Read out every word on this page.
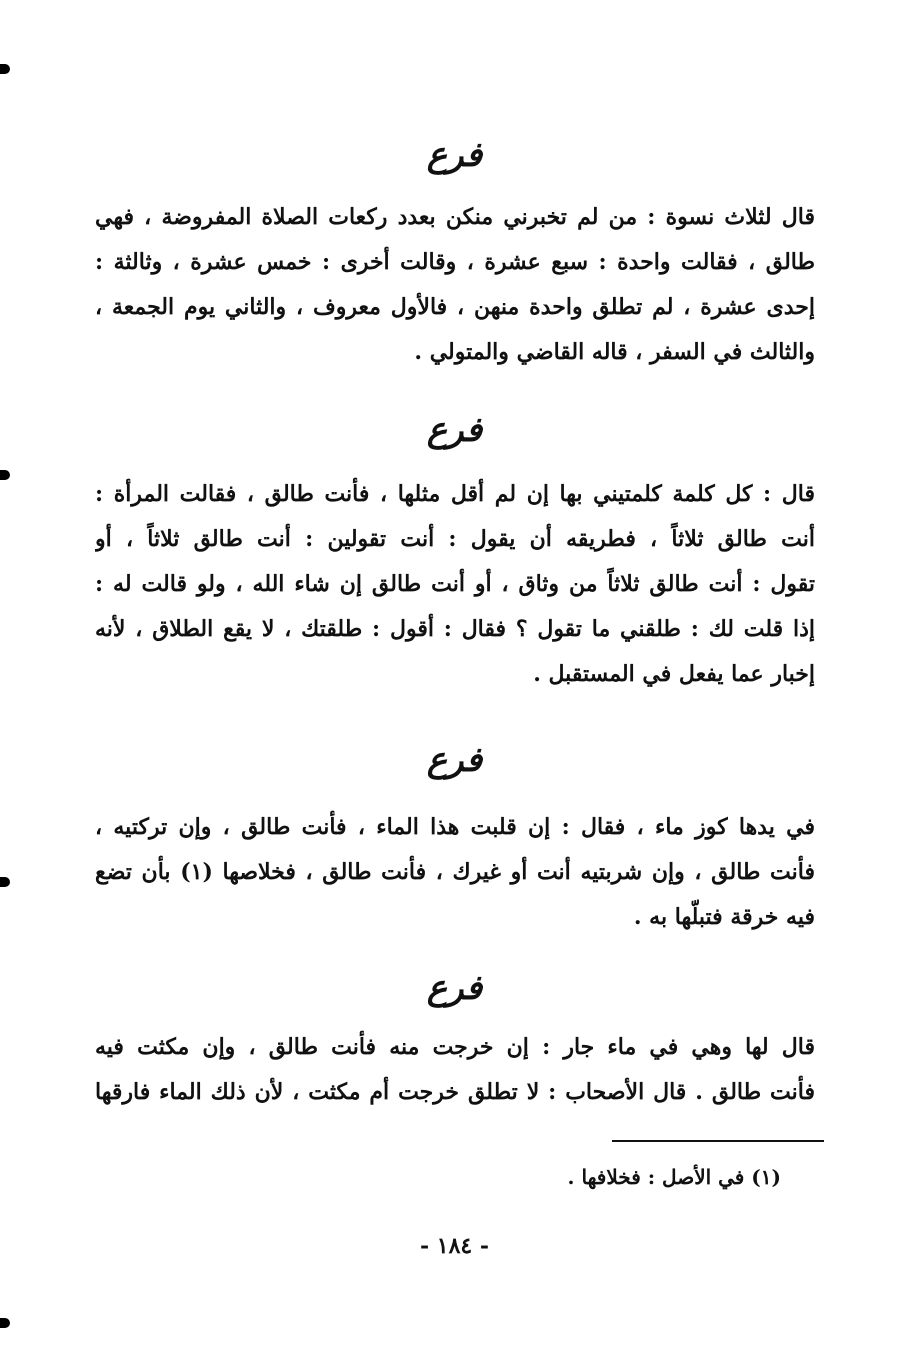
فرع
قال لثلاث نسوة : من لم تخبرني منكن بعدد ركعات الصلاة المفروضة ، فهي
طالق ، فقالت واحدة : سبع عشرة ، وقالت أخرى : خمس عشرة ، وثالثة :
إحدى عشرة ، لم تطلق واحدة منهن ، فالأول معروف ، والثاني يوم الجمعة ،
والثالث في السفر ، قاله القاضي والمتولي .
فرع
قال : كل كلمة كلمتيني بها إن لم أقل مثلها ، فأنت طالق ، فقالت المرأة :
أنت طالق ثلاثاً ، فطريقه أن يقول : أنت تقولين : أنت طالق ثلاثاً ، أو
تقول : أنت طالق ثلاثاً من وثاق ، أو أنت طالق إن شاء الله ، ولو قالت له :
إذا قلت لك : طلقني ما تقول ؟ فقال : أقول : طلقتك ، لا يقع الطلاق ، لأنه
إخبار عما يفعل في المستقبل .
فرع
في يدها كوز ماء ، فقال : إن قلبت هذا الماء ، فأنت طالق ، وإن تركتيه ،
فأنت طالق ، وإن شربتيه أنت أو غيرك ، فأنت طالق ، فخلاصها (١) بأن تضع
فيه خرقة فتبلّها به .
فرع
قال لها وهي في ماء جار : إن خرجت منه فأنت طالق ، وإن مكثت فيه
فأنت طالق . قال الأصحاب : لا تطلق خرجت أم مكثت ، لأن ذلك الماء فارقها
(١) في الأصل : فخلافها .
- ١٨٤ -
